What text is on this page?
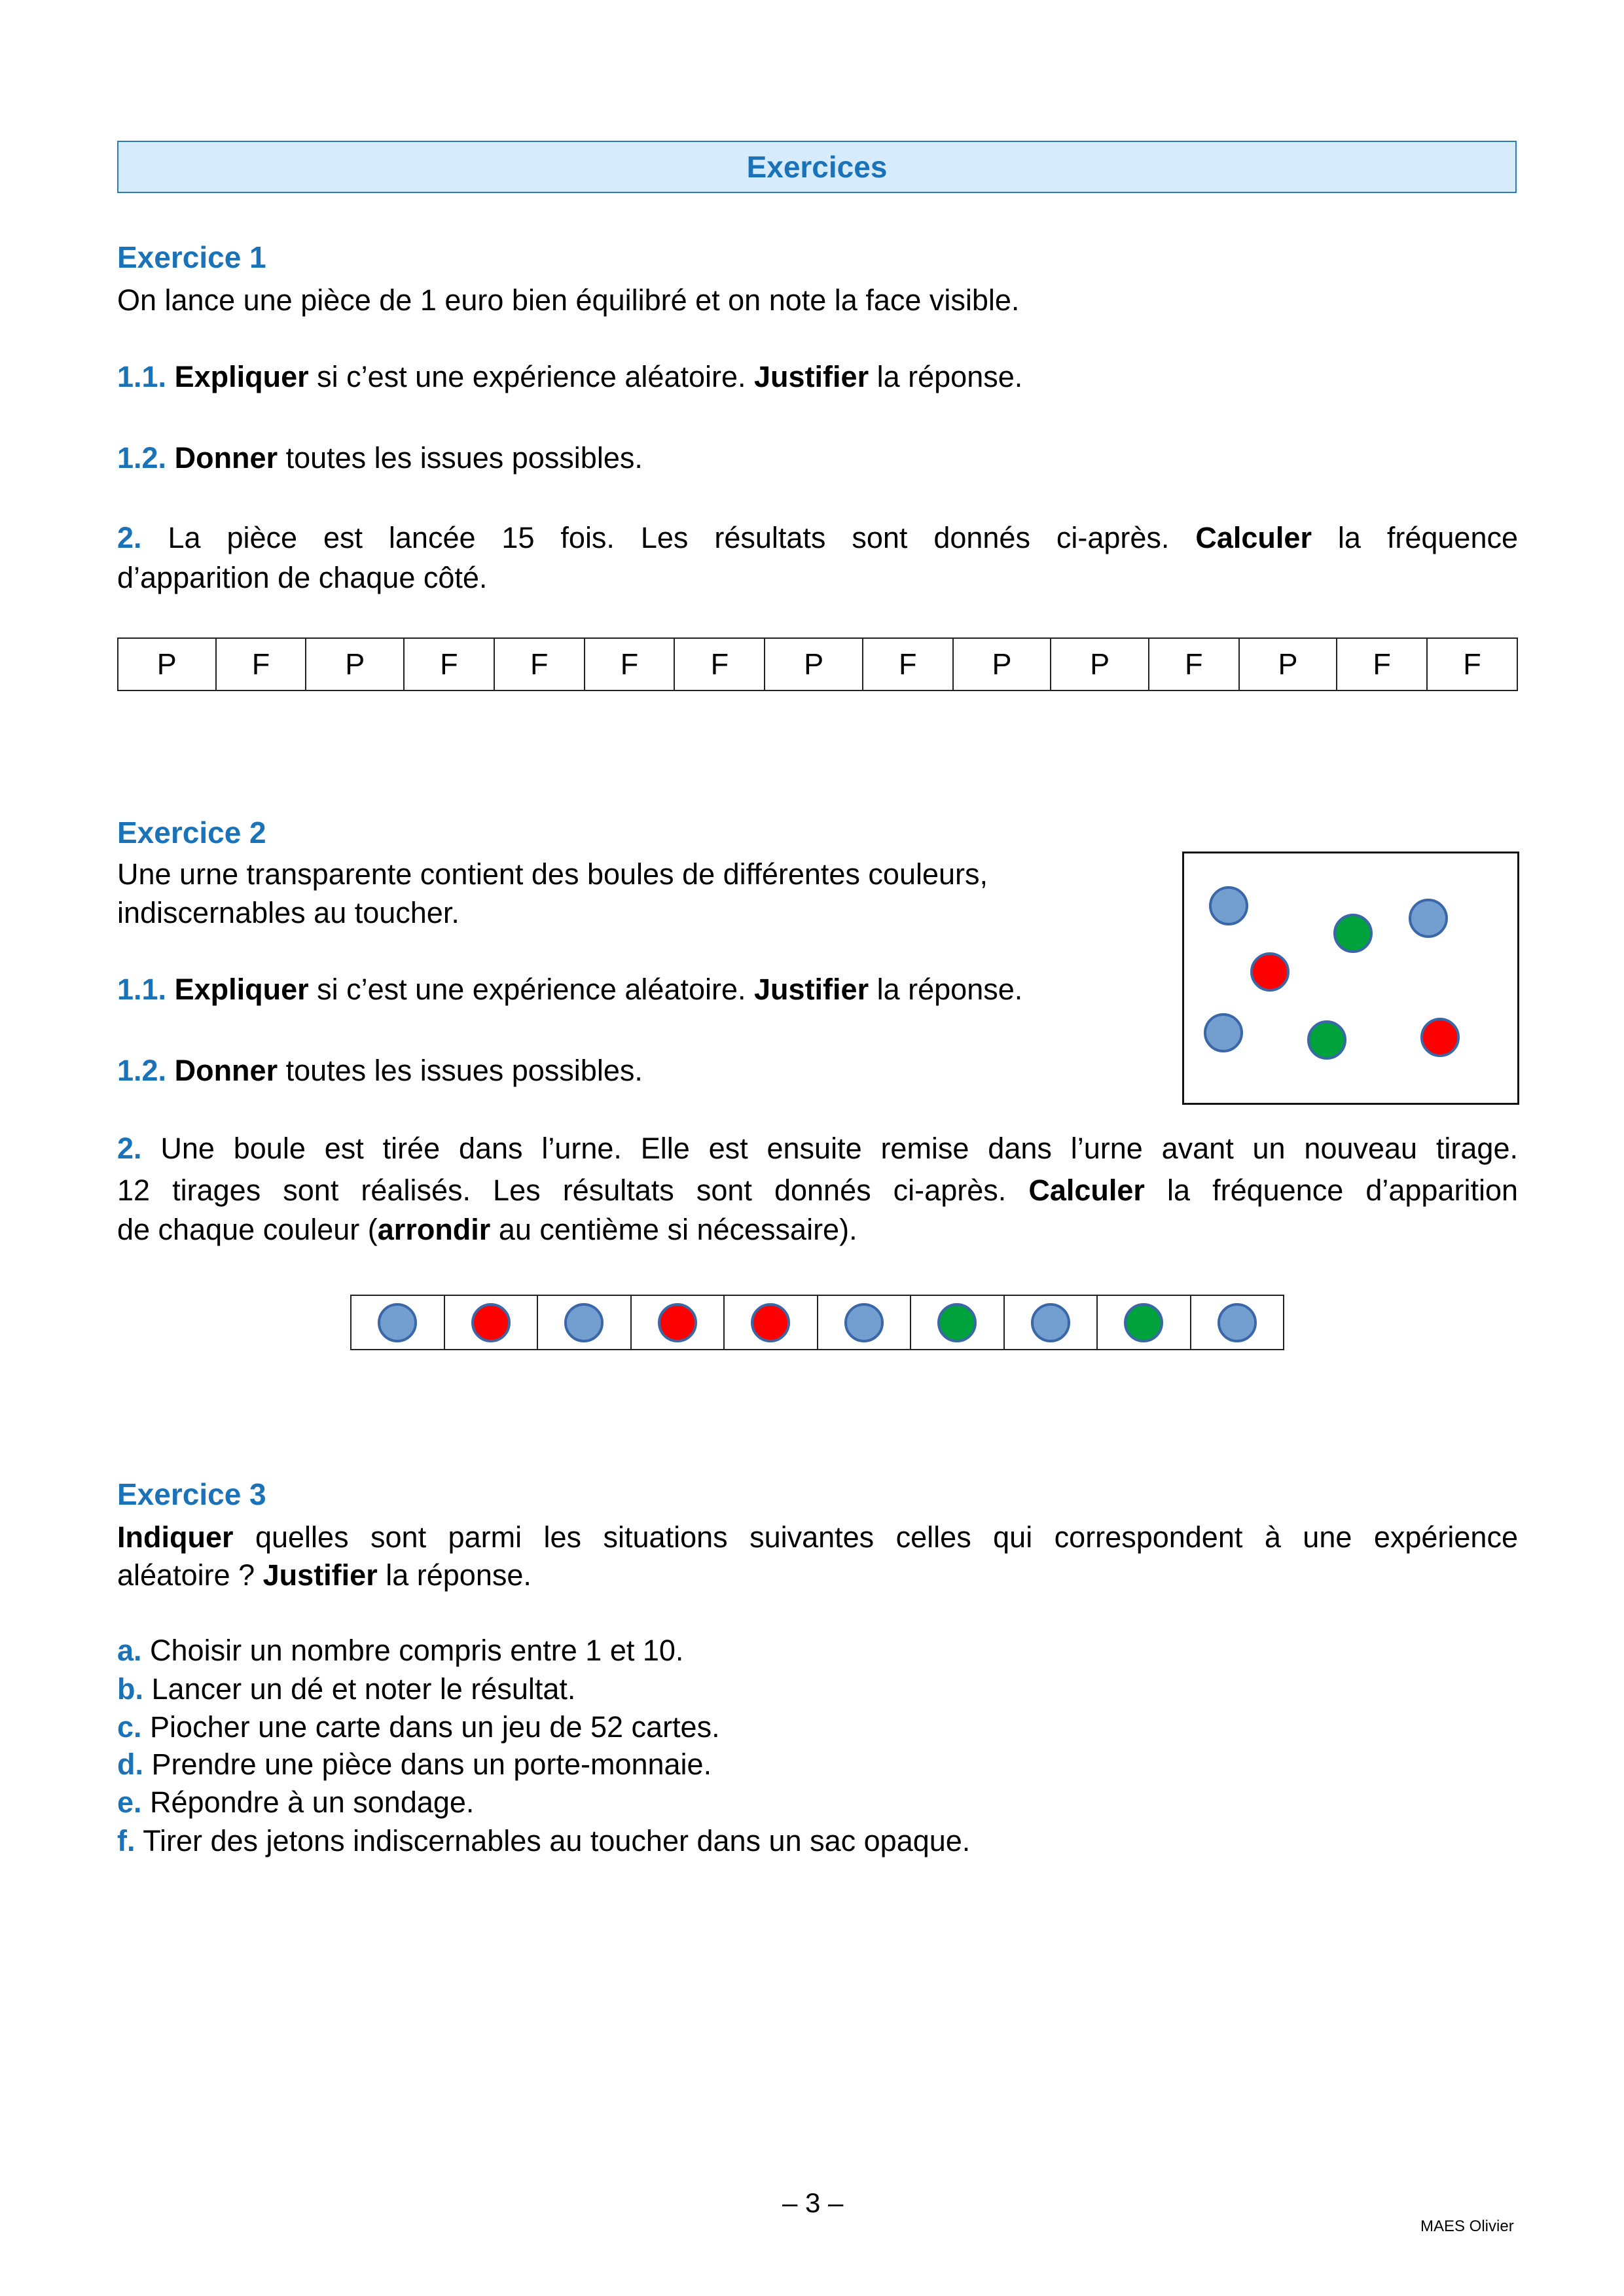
Exercices
Exercice 1
On lance une pièce de 1 euro bien équilibré et on note la face visible.
1.1. Expliquer si c’est une expérience aléatoire. Justifier la réponse.
1.2. Donner toutes les issues possibles.
2. La pièce est lancée 15 fois. Les résultats sont donnés ci-après. Calculer la fréquence
d’apparition de chaque côté.
P	F	P	F	F	F	F	P	F	P	P	F	P	F	F
Exercice 2
Une urne transparente contient des boules de différentes couleurs,
indiscernables au toucher.
1.1. Expliquer si c’est une expérience aléatoire. Justifier la réponse.
1.2. Donner toutes les issues possibles.
2. Une boule est tirée dans l’urne. Elle est ensuite remise dans l’urne avant un nouveau tirage.
12 tirages sont réalisés. Les résultats sont donnés ci-après. Calculer la fréquence d’apparition
de chaque couleur (arrondir au centième si nécessaire).

Exercice 3
Indiquer quelles sont parmi les situations suivantes celles qui correspondent à une expérience
aléatoire ? Justifier la réponse.
a. Choisir un nombre compris entre 1 et 10.
b. Lancer un dé et noter le résultat.
c. Piocher une carte dans un jeu de 52 cartes.
d. Prendre une pièce dans un porte-monnaie.
e. Répondre à un sondage.
f. Tirer des jetons indiscernables au toucher dans un sac opaque.
– 3 –
MAES Olivier
